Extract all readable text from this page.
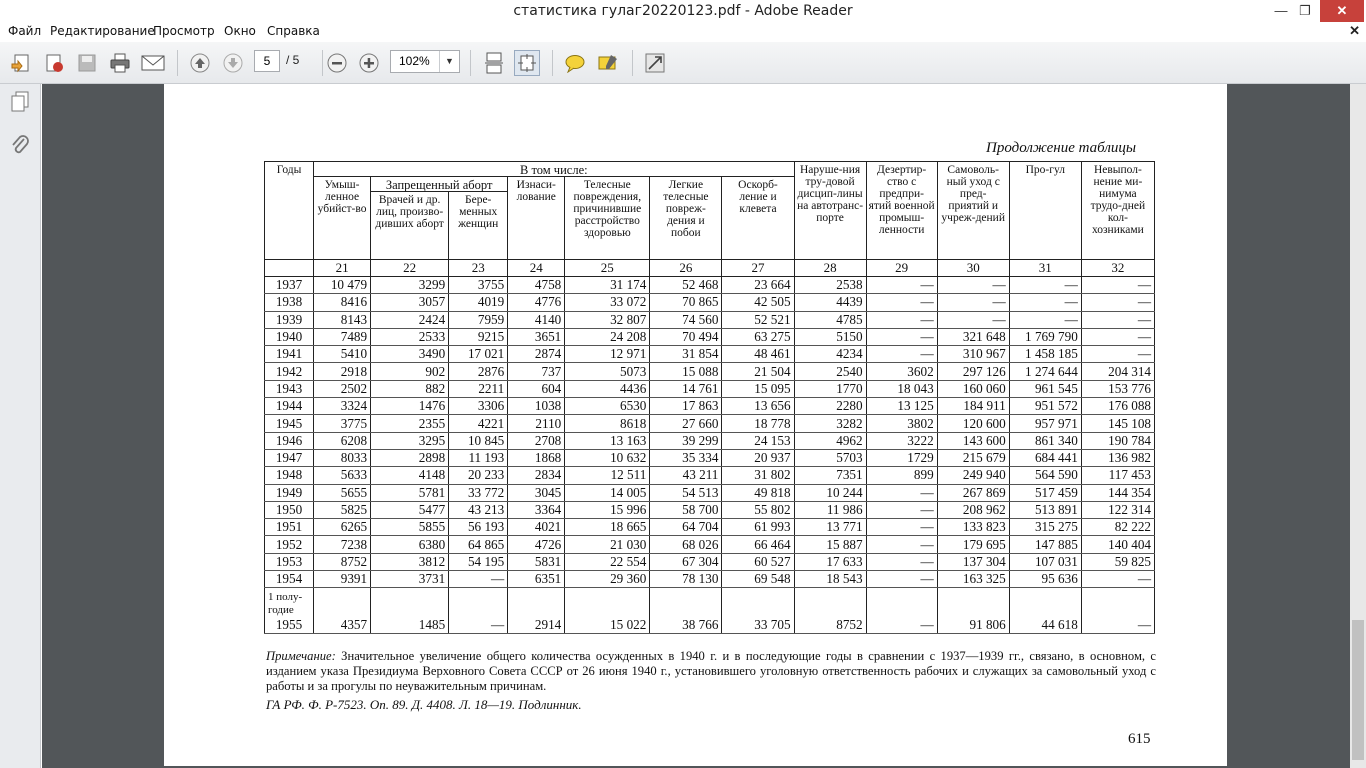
статистика гулаг20220123.pdf - Adobe Reader	— ❐	✕
Файл Редактирование
Просмотр Окно Справка	✕
5	/ 5	102%	▼
Продолжение таблицы
Годы	В том числе:							Наруше-ния тру-довой дисцип-лины на автотранс-порте	Дезертир-ство с предпри-ятий военной промыш-ленности	Самоволь-ный уход с пред-приятий и учреж-дений	Про-гул	Невыпол-нение ми-нимума трудо-дней кол-хозниками
	Умыш-ленное убийст-во	Запрещенный аборт		Изнаси-лование	Телесные повреждения, причинившие расстройство здоровью	Легкие телесные повреж-дения и побои	Оскорб-ление и клевета					
		Врачей и др. лиц, произво-дивших аборт	Бере-менных женщин									
	21	22	23	24	25	26	27	28	29	30	31	32
1937	10 479	3299	3755	4758	31 174	52 468	23 664	2538	—	—	—	—
1938	8416	3057	4019	4776	33 072	70 865	42 505	4439	—	—	—	—
1939	8143	2424	7959	4140	32 807	74 560	52 521	4785	—	—	—	—
1940	7489	2533	9215	3651	24 208	70 494	63 275	5150	—	321 648	1 769 790	—
1941	5410	3490	17 021	2874	12 971	31 854	48 461	4234	—	310 967	1 458 185	—
1942	2918	902	2876	737	5073	15 088	21 504	2540	3602	297 126	1 274 644	204 314
1943	2502	882	2211	604	4436	14 761	15 095	1770	18 043	160 060	961 545	153 776
1944	3324	1476	3306	1038	6530	17 863	13 656	2280	13 125	184 911	951 572	176 088
1945	3775	2355	4221	2110	8618	27 660	18 778	3282	3802	120 600	957 971	145 108
1946	6208	3295	10 845	2708	13 163	39 299	24 153	4962	3222	143 600	861 340	190 784
1947	8033	2898	11 193	1868	10 632	35 334	20 937	5703	1729	215 679	684 441	136 982
1948	5633	4148	20 233	2834	12 511	43 211	31 802	7351	899	249 940	564 590	117 453
1949	5655	5781	33 772	3045	14 005	54 513	49 818	10 244	—	267 869	517 459	144 354
1950	5825	5477	43 213	3364	15 996	58 700	55 802	11 986	—	208 962	513 891	122 314
1951	6265	5855	56 193	4021	18 665	64 704	61 993	13 771	—	133 823	315 275	82 222
1952	7238	6380	64 865	4726	21 030	68 026	66 464	15 887	—	179 695	147 885	140 404
1953	8752	3812	54 195	5831	22 554	67 304	60 527	17 633	—	137 304	107 031	59 825
1954	9391	3731	—	6351	29 360	78 130	69 548	18 543	—	163 325	95 636	—

1 полу-годие
1955	4357	1485	—	2914	15 022	38 766	33 705	8752	—	91 806	44 618	—
Примечание: Значительное увеличение общего количества осужденных в 1940 г. и в последующие годы в сравнении с 1937—1939 гг., связано, в основном, с изданием указа Президиума Верховного Совета СССР от 26 июня 1940 г., установившего уголовную ответственность рабочих и служащих за самовольный уход с работы и за прогулы по неуважительным причинам.
ГА РФ. Ф. Р-7523. Оп. 89. Д. 4408. Л. 18—19. Подлинник.
615
